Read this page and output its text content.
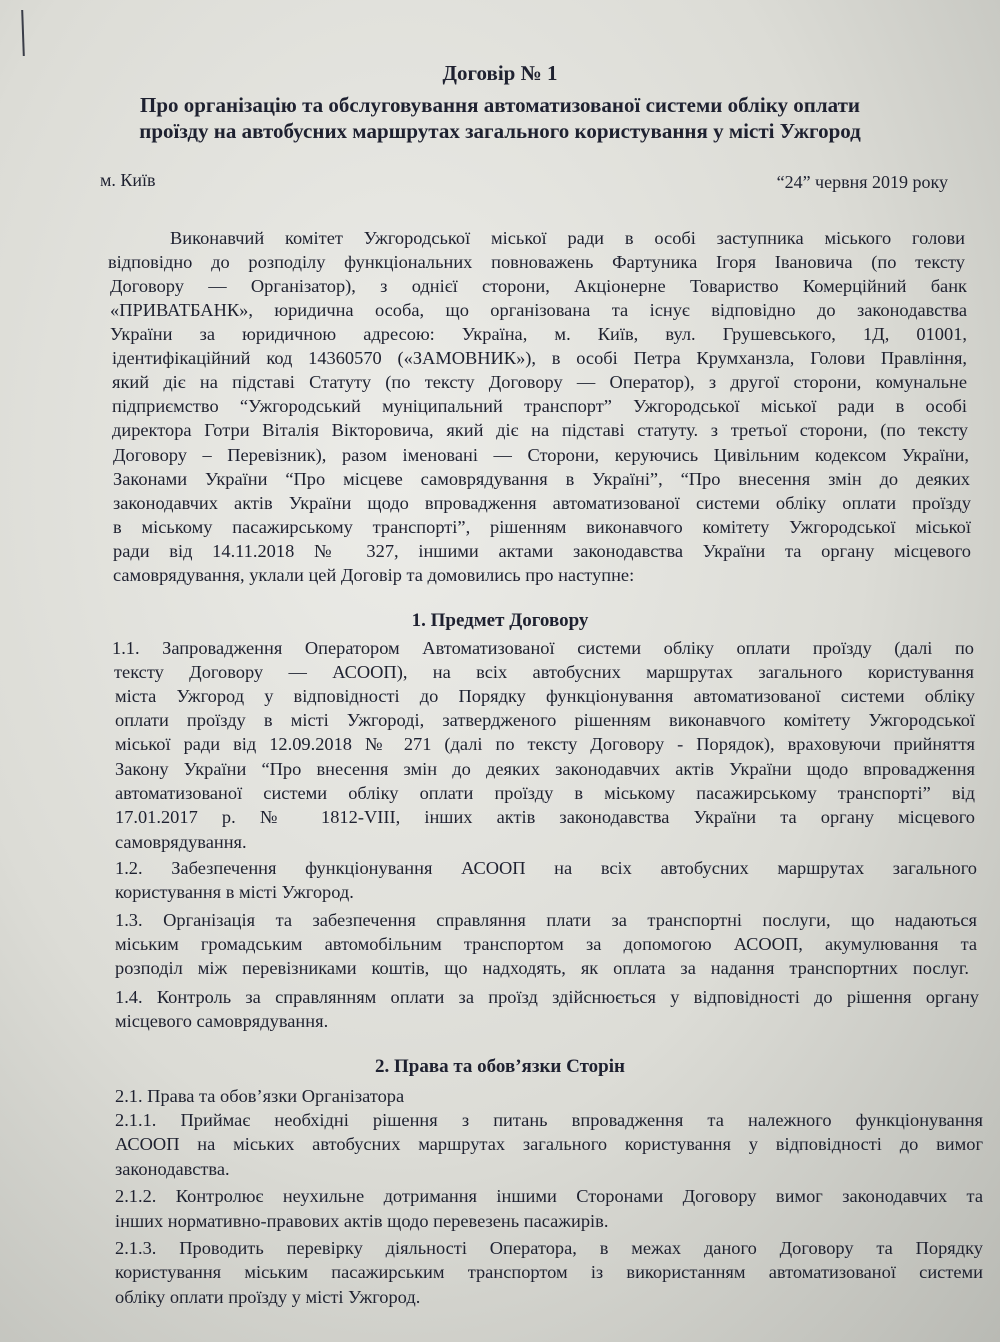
Договір № 1
Про організацію та обслуговування автоматизованої системи обліку оплати
проїзду на автобусних маршрутах загального користування у місті Ужгород
м. Київ	“24” червня 2019 року
Виконавчий комітет Ужгородської міської ради в особі заступника міського голови
відповідно до розподілу функціональних повноважень Фартуника Ігоря Івановича (по тексту
Договору — Організатор), з однієї сторони, Акціонерне Товариство Комерційний банк
«ПРИВАТБАНК», юридична особа, що організована та існує відповідно до законодавства
України за юридичною адресою: Україна, м. Київ, вул. Грушевського, 1Д, 01001,
ідентифікаційний код 14360570 («ЗАМОВНИК»), в особі Петра Крумханзла, Голови Правління,
який діє на підставі Статуту (по тексту Договору — Оператор), з другої сторони, комунальне
підприємство “Ужгородський муніципальний транспорт” Ужгородської міської ради в особі
директора Готри Віталія Вікторовича, який діє на підставі статуту. з третьої сторони, (по тексту
Договору – Перевізник), разом іменовані — Сторони, керуючись Цивільним кодексом України,
Законами України “Про місцеве самоврядування в Україні”, “Про внесення змін до деяких
законодавчих актів України щодо впровадження автоматизованої системи обліку оплати проїзду
в міському пасажирському транспорті”, рішенням виконавчого комітету Ужгородської міської
ради від 14.11.2018 № 327, іншими актами законодавства України та органу місцевого
самоврядування, уклали цей Договір та домовились про наступне:
1. Предмет Договору
1.1. Запровадження Оператором Автоматизованої системи обліку оплати проїзду (далі по
тексту Договору — АСООП), на всіх автобусних маршрутах загального користування
міста Ужгород у відповідності до Порядку функціонування автоматизованої системи обліку
оплати проїзду в місті Ужгороді, затвердженого рішенням виконавчого комітету Ужгородської
міської ради від 12.09.2018 № 271 (далі по тексту Договору - Порядок), враховуючи прийняття
Закону України “Про внесення змін до деяких законодавчих актів України щодо впровадження
автоматизованої системи обліку оплати проїзду в міському пасажирському транспорті” від
17.01.2017 р. № 1812-VIII, інших актів законодавства України та органу місцевого
самоврядування.
1.2. Забезпечення функціонування АСООП на всіх автобусних маршрутах загального
користування в місті Ужгород.
1.3. Організація та забезпечення справляння плати за транспортні послуги, що надаються
міським громадським автомобільним транспортом за допомогою АСООП, акумулювання та
розподіл між перевізниками коштів, що надходять, як оплата за надання транспортних послуг.
1.4. Контроль за справлянням оплати за проїзд здійснюється у відповідності до рішення органу
місцевого самоврядування.
2. Права та обов’язки Сторін
2.1. Права та обов’язки Організатора
2.1.1. Приймає необхідні рішення з питань впровадження та належного функціонування
АСООП на міських автобусних маршрутах загального користування у відповідності до вимог
законодавства.
2.1.2. Контролює неухильне дотримання іншими Сторонами Договору вимог законодавчих та
інших нормативно-правових актів щодо перевезень пасажирів.
2.1.3. Проводить перевірку діяльності Оператора, в межах даного Договору та Порядку
користування міським пасажирським транспортом із використанням автоматизованої системи
обліку оплати проїзду у місті Ужгород.
